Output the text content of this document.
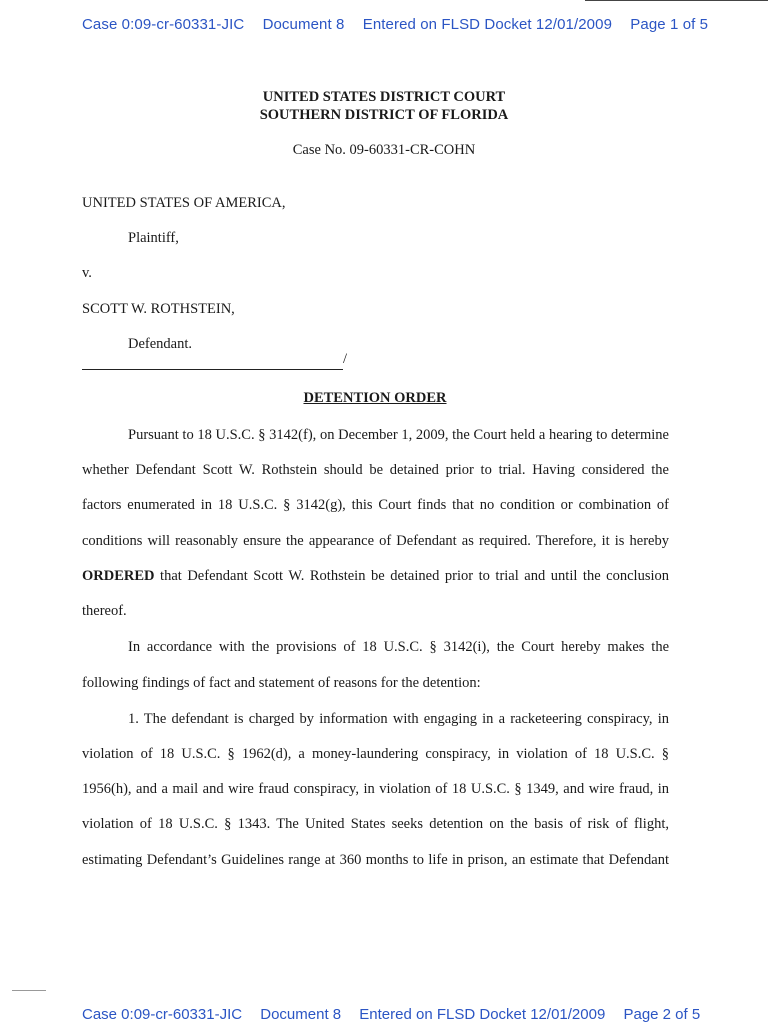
Case 0:09-cr-60331-JIC Document 8 Entered on FLSD Docket 12/01/2009 Page 1 of 5
UNITED STATES DISTRICT COURT
SOUTHERN DISTRICT OF FLORIDA
Case No. 09-60331-CR-COHN
UNITED STATES OF AMERICA,
Plaintiff,
v.
SCOTT W. ROTHSTEIN,
Defendant.
/
DETENTION ORDER
Pursuant to 18 U.S.C. § 3142(f), on December 1, 2009, the Court held a hearing to determine
whether Defendant Scott W. Rothstein should be detained prior to trial. Having considered the
factors enumerated in 18 U.S.C. § 3142(g), this Court finds that no condition or combination of
conditions will reasonably ensure the appearance of Defendant as required. Therefore, it is hereby
ORDERED that Defendant Scott W. Rothstein be detained prior to trial and until the conclusion
thereof.
In accordance with the provisions of 18 U.S.C. § 3142(i), the Court hereby makes the
following findings of fact and statement of reasons for the detention:
1. The defendant is charged by information with engaging in a racketeering conspiracy, in
violation of 18 U.S.C. § 1962(d), a money-laundering conspiracy, in violation of 18 U.S.C. §
1956(h), and a mail and wire fraud conspiracy, in violation of 18 U.S.C. § 1349, and wire fraud, in
violation of 18 U.S.C. § 1343. The United States seeks detention on the basis of risk of flight,
estimating Defendant’s Guidelines range at 360 months to life in prison, an estimate that Defendant
Case 0:09-cr-60331-JIC Document 8 Entered on FLSD Docket 12/01/2009 Page 2 of 5
